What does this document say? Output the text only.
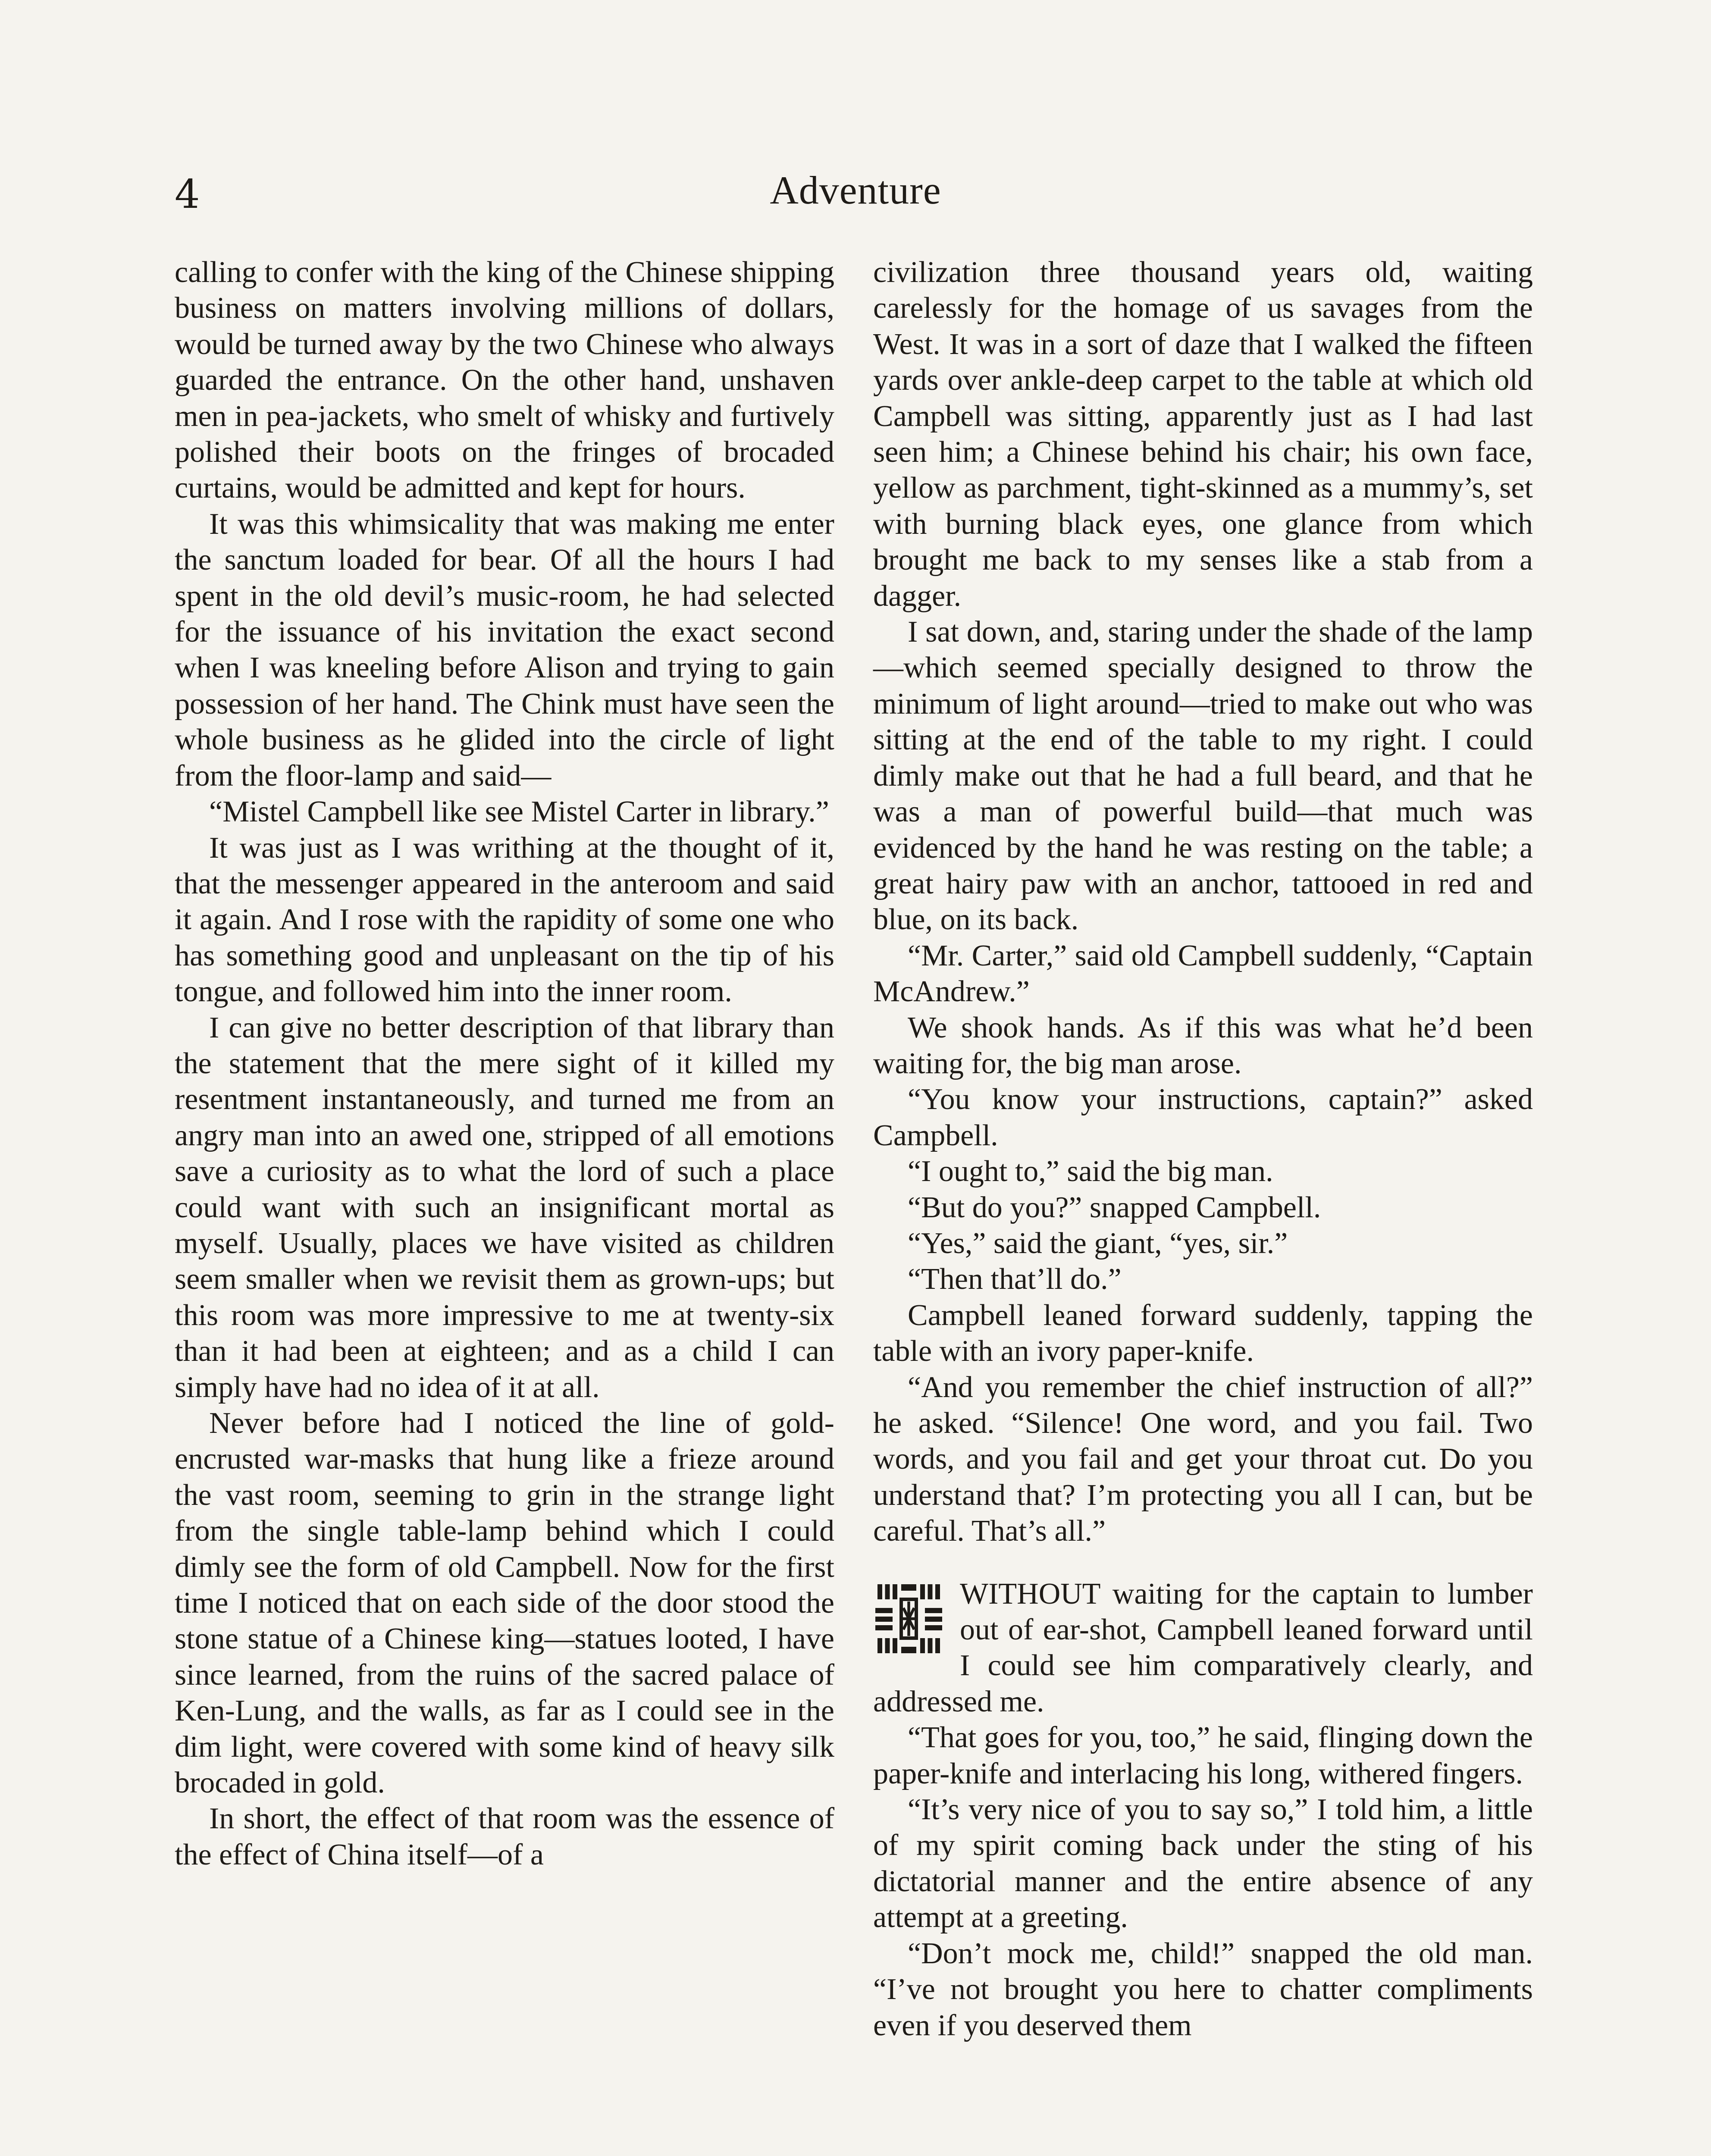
4	Adventure

calling to confer with the king of the Chinese shipping business on matters involving millions of dollars, would be turned away by the two Chinese who always guarded the entrance. On the other hand, unshaven men in pea-jackets, who smelt of whisky and furtively polished their boots on the fringes of brocaded curtains, would be admitted and kept for hours.

It was this whimsicality that was making me enter the sanctum loaded for bear. Of all the hours I had spent in the old devil’s music-room, he had selected for the issuance of his invitation the exact second when I was kneeling before Alison and trying to gain possession of her hand. The Chink must have seen the whole business as he glided into the circle of light from the floor-lamp and said—

“Mistel Campbell like see Mistel Carter in library.”

It was just as I was writhing at the thought of it, that the messenger appeared in the anteroom and said it again. And I rose with the rapidity of some one who has something good and unpleasant on the tip of his tongue, and followed him into the inner room.

I can give no better description of that library than the statement that the mere sight of it killed my resentment instantaneously, and turned me from an angry man into an awed one, stripped of all emotions save a curiosity as to what the lord of such a place could want with such an insignificant mortal as myself. Usually, places we have visited as children seem smaller when we revisit them as grown-ups; but this room was more impressive to me at twenty-six than it had been at eighteen; and as a child I can simply have had no idea of it at all.

Never before had I noticed the line of gold-encrusted war-masks that hung like a frieze around the vast room, seeming to grin in the strange light from the single table-lamp behind which I could dimly see the form of old Campbell. Now for the first time I noticed that on each side of the door stood the stone statue of a Chinese king—statues looted, I have since learned, from the ruins of the sacred palace of Ken-Lung, and the walls, as far as I could see in the dim light, were covered with some kind of heavy silk brocaded in gold.

In short, the effect of that room was the essence of the effect of China itself—of a

civilization three thousand years old, waiting carelessly for the homage of us savages from the West. It was in a sort of daze that I walked the fifteen yards over ankle-deep carpet to the table at which old Campbell was sitting, apparently just as I had last seen him; a Chinese behind his chair; his own face, yellow as parchment, tight-skinned as a mummy’s, set with burning black eyes, one glance from which brought me back to my senses like a stab from a dagger.

I sat down, and, staring under the shade of the lamp—which seemed specially designed to throw the minimum of light around—tried to make out who was sitting at the end of the table to my right. I could dimly make out that he had a full beard, and that he was a man of powerful build—that much was evidenced by the hand he was resting on the table; a great hairy paw with an anchor, tattooed in red and blue, on its back.

“Mr. Carter,” said old Campbell suddenly, “Captain McAndrew.”

We shook hands. As if this was what he’d been waiting for, the big man arose.

“You know your instructions, captain?” asked Campbell.

“I ought to,” said the big man.

“But do you?” snapped Campbell.

“Yes,” said the giant, “yes, sir.”

“Then that’ll do.”

Campbell leaned forward suddenly, tapping the table with an ivory paper-knife.

“And you remember the chief instruction of all?” he asked. “Silence! One word, and you fail. Two words, and you fail and get your throat cut. Do you understand that? I’m protecting you all I can, but be careful. That’s all.”

WITHOUT waiting for the captain to lumber out of ear-shot, Campbell leaned forward until I could see him comparatively clearly, and addressed me.

“That goes for you, too,” he said, flinging down the paper-knife and interlacing his long, withered fingers.

“It’s very nice of you to say so,” I told him, a little of my spirit coming back under the sting of his dictatorial manner and the entire absence of any attempt at a greeting.

“Don’t mock me, child!” snapped the old man. “I’ve not brought you here to chatter compliments even if you deserved them
